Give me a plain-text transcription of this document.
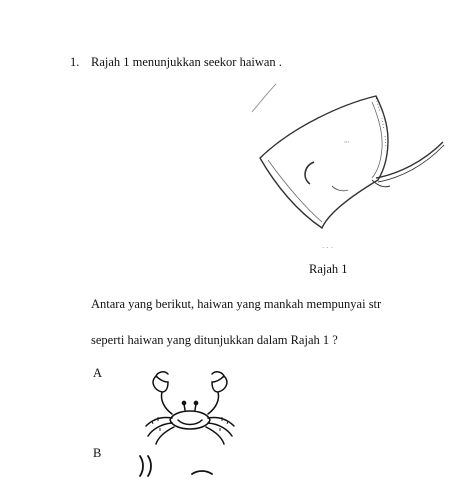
1. Rajah 1 menunjukkan seekor haiwan .
'''
· · ·
Rajah 1
Antara yang berikut, haiwan yang mankah mempunyai str
seperti haiwan yang ditunjukkan dalam Rajah 1 ?
A
B
